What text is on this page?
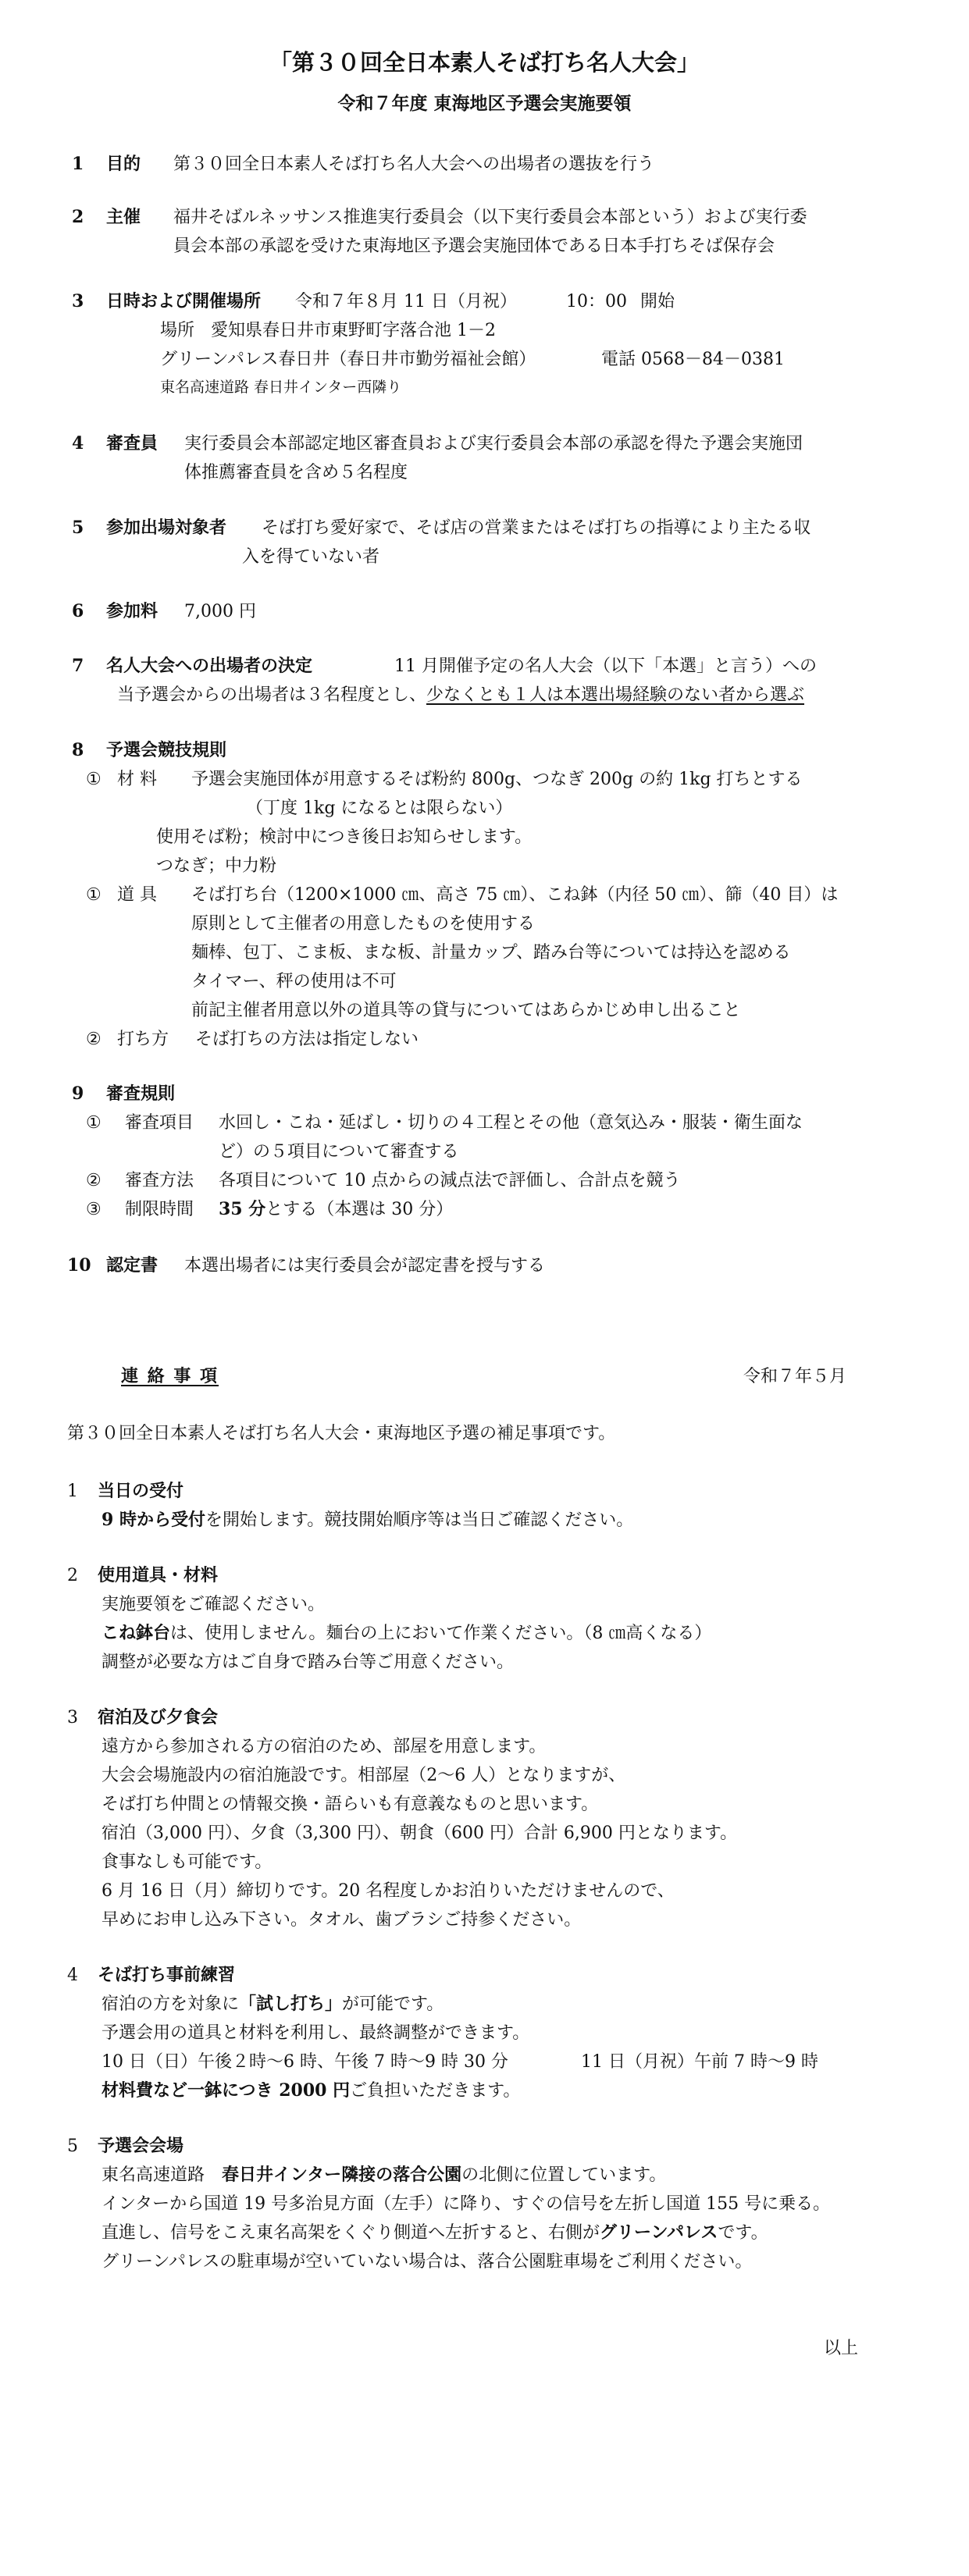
「第３０回全日本素人そば打ち名人大会」
令和７年度 東海地区予選会実施要領
1 目的 第３０回全日本素人そば打ち名人大会への出場者の選抜を行う
2 主催 福井そばルネッサンス推進実行委員会（以下実行委員会本部という）および実行委
員会本部の承認を受けた東海地区予選会実施団体である日本手打ちそば保存会
3 日時および開催場所 令和７年８月 11 日（月祝）	10：00 開始
場所 愛知県春日井市東野町字落合池 1－2
グリーンパレス春日井（春日井市勤労福祉会館）	電話 0568－84－0381
東名高速道路 春日井インター西隣り
4 審査員 実行委員会本部認定地区審査員および実行委員会本部の承認を得た予選会実施団
体推薦審査員を含め５名程度
5 参加出場対象者 そば打ち愛好家で、そば店の営業またはそば打ちの指導により主たる収
入を得ていない者
6 参加料 7,000 円
7 名人大会への出場者の決定	11 月開催予定の名人大会（以下「本選」と言う）への
当予選会からの出場者は３名程度とし、少なくとも１人は本選出場経験のない者から選ぶ
8 予選会競技規則
① 材 料 予選会実施団体が用意するそば粉約 800g、つなぎ 200g の約 1kg 打ちとする
（丁度 1kg になるとは限らない）
使用そば粉；検討中につき後日お知らせします。
つなぎ；中力粉
① 道 具 そば打ち台（1200×1000 ㎝、高さ 75 ㎝）、こね鉢（内径 50 ㎝）、篩（40 目）は
原則として主催者の用意したものを使用する
麺棒、包丁、こま板、まな板、計量カップ、踏み台等については持込を認める
タイマー、秤の使用は不可
前記主催者用意以外の道具等の貸与についてはあらかじめ申し出ること
② 打ち方 そば打ちの方法は指定しない
9 審査規則
① 審査項目 水回し・こね・延ばし・切りの４工程とその他（意気込み・服装・衛生面な
ど）の５項目について審査する
② 審査方法 各項目について 10 点からの減点法で評価し、合計点を競う
③ 制限時間 35 分とする（本選は 30 分）
10 認定書 本選出場者には実行委員会が認定書を授与する
連 絡 事 項	令和７年５月
第３０回全日本素人そば打ち名人大会・東海地区予選の補足事項です。
1 当日の受付
9 時から受付を開始します。競技開始順序等は当日ご確認ください。
2 使用道具・材料
実施要領をご確認ください。
こね鉢台は、使用しません。麺台の上において作業ください。（8 ㎝高くなる）
調整が必要な方はご自身で踏み台等ご用意ください。
3 宿泊及び夕食会
遠方から参加される方の宿泊のため、部屋を用意します。
大会会場施設内の宿泊施設です。相部屋（2～6 人）となりますが、
そば打ち仲間との情報交換・語らいも有意義なものと思います。
宿泊（3,000 円）、夕食（3,300 円）、朝食（600 円）合計 6,900 円となります。
食事なしも可能です。
6 月 16 日（月）締切りです。20 名程度しかお泊りいただけませんので、
早めにお申し込み下さい。タオル、歯ブラシご持参ください。
4 そば打ち事前練習
宿泊の方を対象に「試し打ち」が可能です。
予選会用の道具と材料を利用し、最終調整ができます。
10 日（日）午後２時～6 時、午後 7 時～9 時 30 分	11 日（月祝）午前 7 時～9 時
材料費など一鉢につき 2000 円ご負担いただきます。
5 予選会会場
東名高速道路　 春日井インター隣接の落合公園の北側に位置しています。
インターから国道 19 号多治見方面（左手）に降り、すぐの信号を左折し国道 155 号に乗る。
直進し、信号をこえ東名高架をくぐり側道へ左折すると、右側がグリーンパレスです。
グリーンパレスの駐車場が空いていない場合は、落合公園駐車場をご利用ください。
以上
